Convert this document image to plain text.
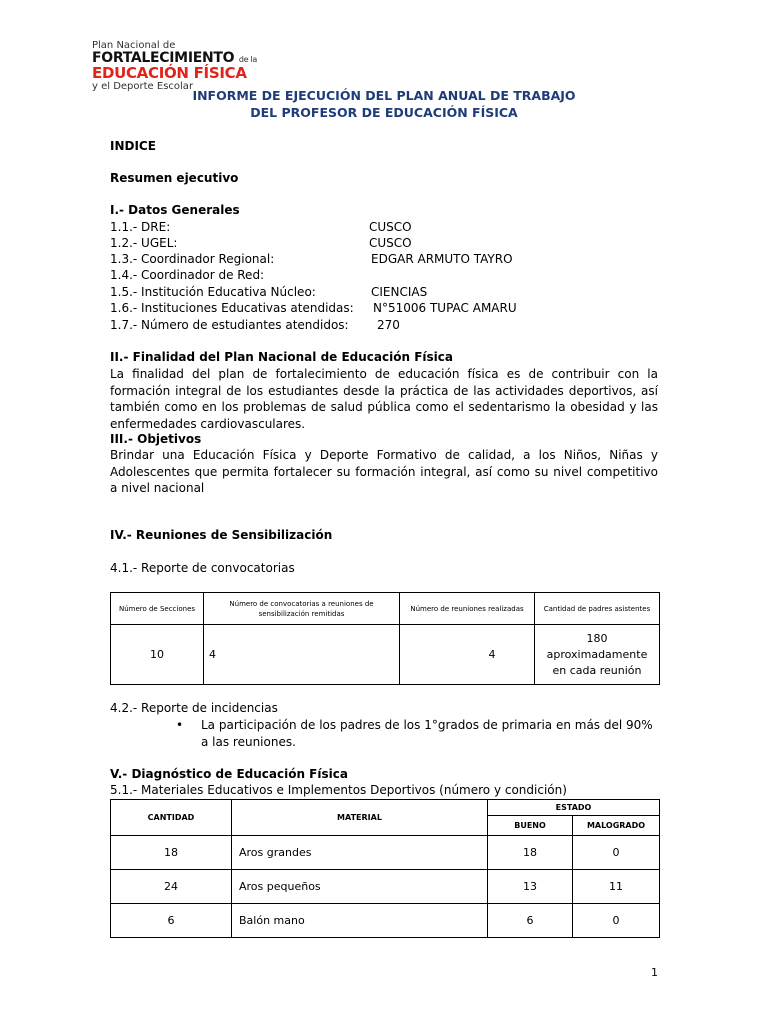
Plan Nacional de
FORTALECIMIENTO de la
EDUCACIÓN FÍSICA
y el Deporte Escolar
INFORME DE EJECUCIÓN DEL PLAN ANUAL DE TRABAJO
DEL PROFESOR DE EDUCACIÓN FÍSICA
INDICE
Resumen ejecutivo
I.- Datos Generales
1.1.- DRE:	CUSCO
1.2.- UGEL:	CUSCO
1.3.- Coordinador Regional:	EDGAR ARMUTO TAYRO
1.4.- Coordinador de Red:
1.5.- Institución Educativa Núcleo:	CIENCIAS
1.6.- Instituciones Educativas atendidas: N°51006 TUPAC AMARU
1.7.- Número de estudiantes atendidos: 270
II.- Finalidad del Plan Nacional de Educación Física
La finalidad del plan de fortalecimiento de educación física es de contribuir con la formación integral de los estudiantes desde la práctica de las actividades deportivos, así también como en los problemas de salud pública como el sedentarismo la obesidad y las enfermedades cardiovasculares.
III.- Objetivos
Brindar una Educación Física y Deporte Formativo de calidad, a los Niños, Niñas y Adolescentes que permita fortalecer su formación integral, así como su nivel competitivo a nivel nacional
IV.- Reuniones de Sensibilización
4.1.- Reporte de convocatorias
Número de Secciones	Número de convocatorias a reuniones de sensibilización remitidas	Número de reuniones realizadas	Cantidad de padres asistentes
10	4	4	180 aproximadamente en cada reunión
4.2.- Reporte de incidencias
• La participación de los padres de los 1°grados de primaria en más del 90% a las reuniones.
V.- Diagnóstico de Educación Física
5.1.- Materiales Educativos e Implementos Deportivos (número y condición)
CANTIDAD	MATERIAL	ESTADO	
		BUENO	MALOGRADO
18	Aros grandes	18	0
24	Aros pequeños	13	11
6	Balón mano	6	0
1
